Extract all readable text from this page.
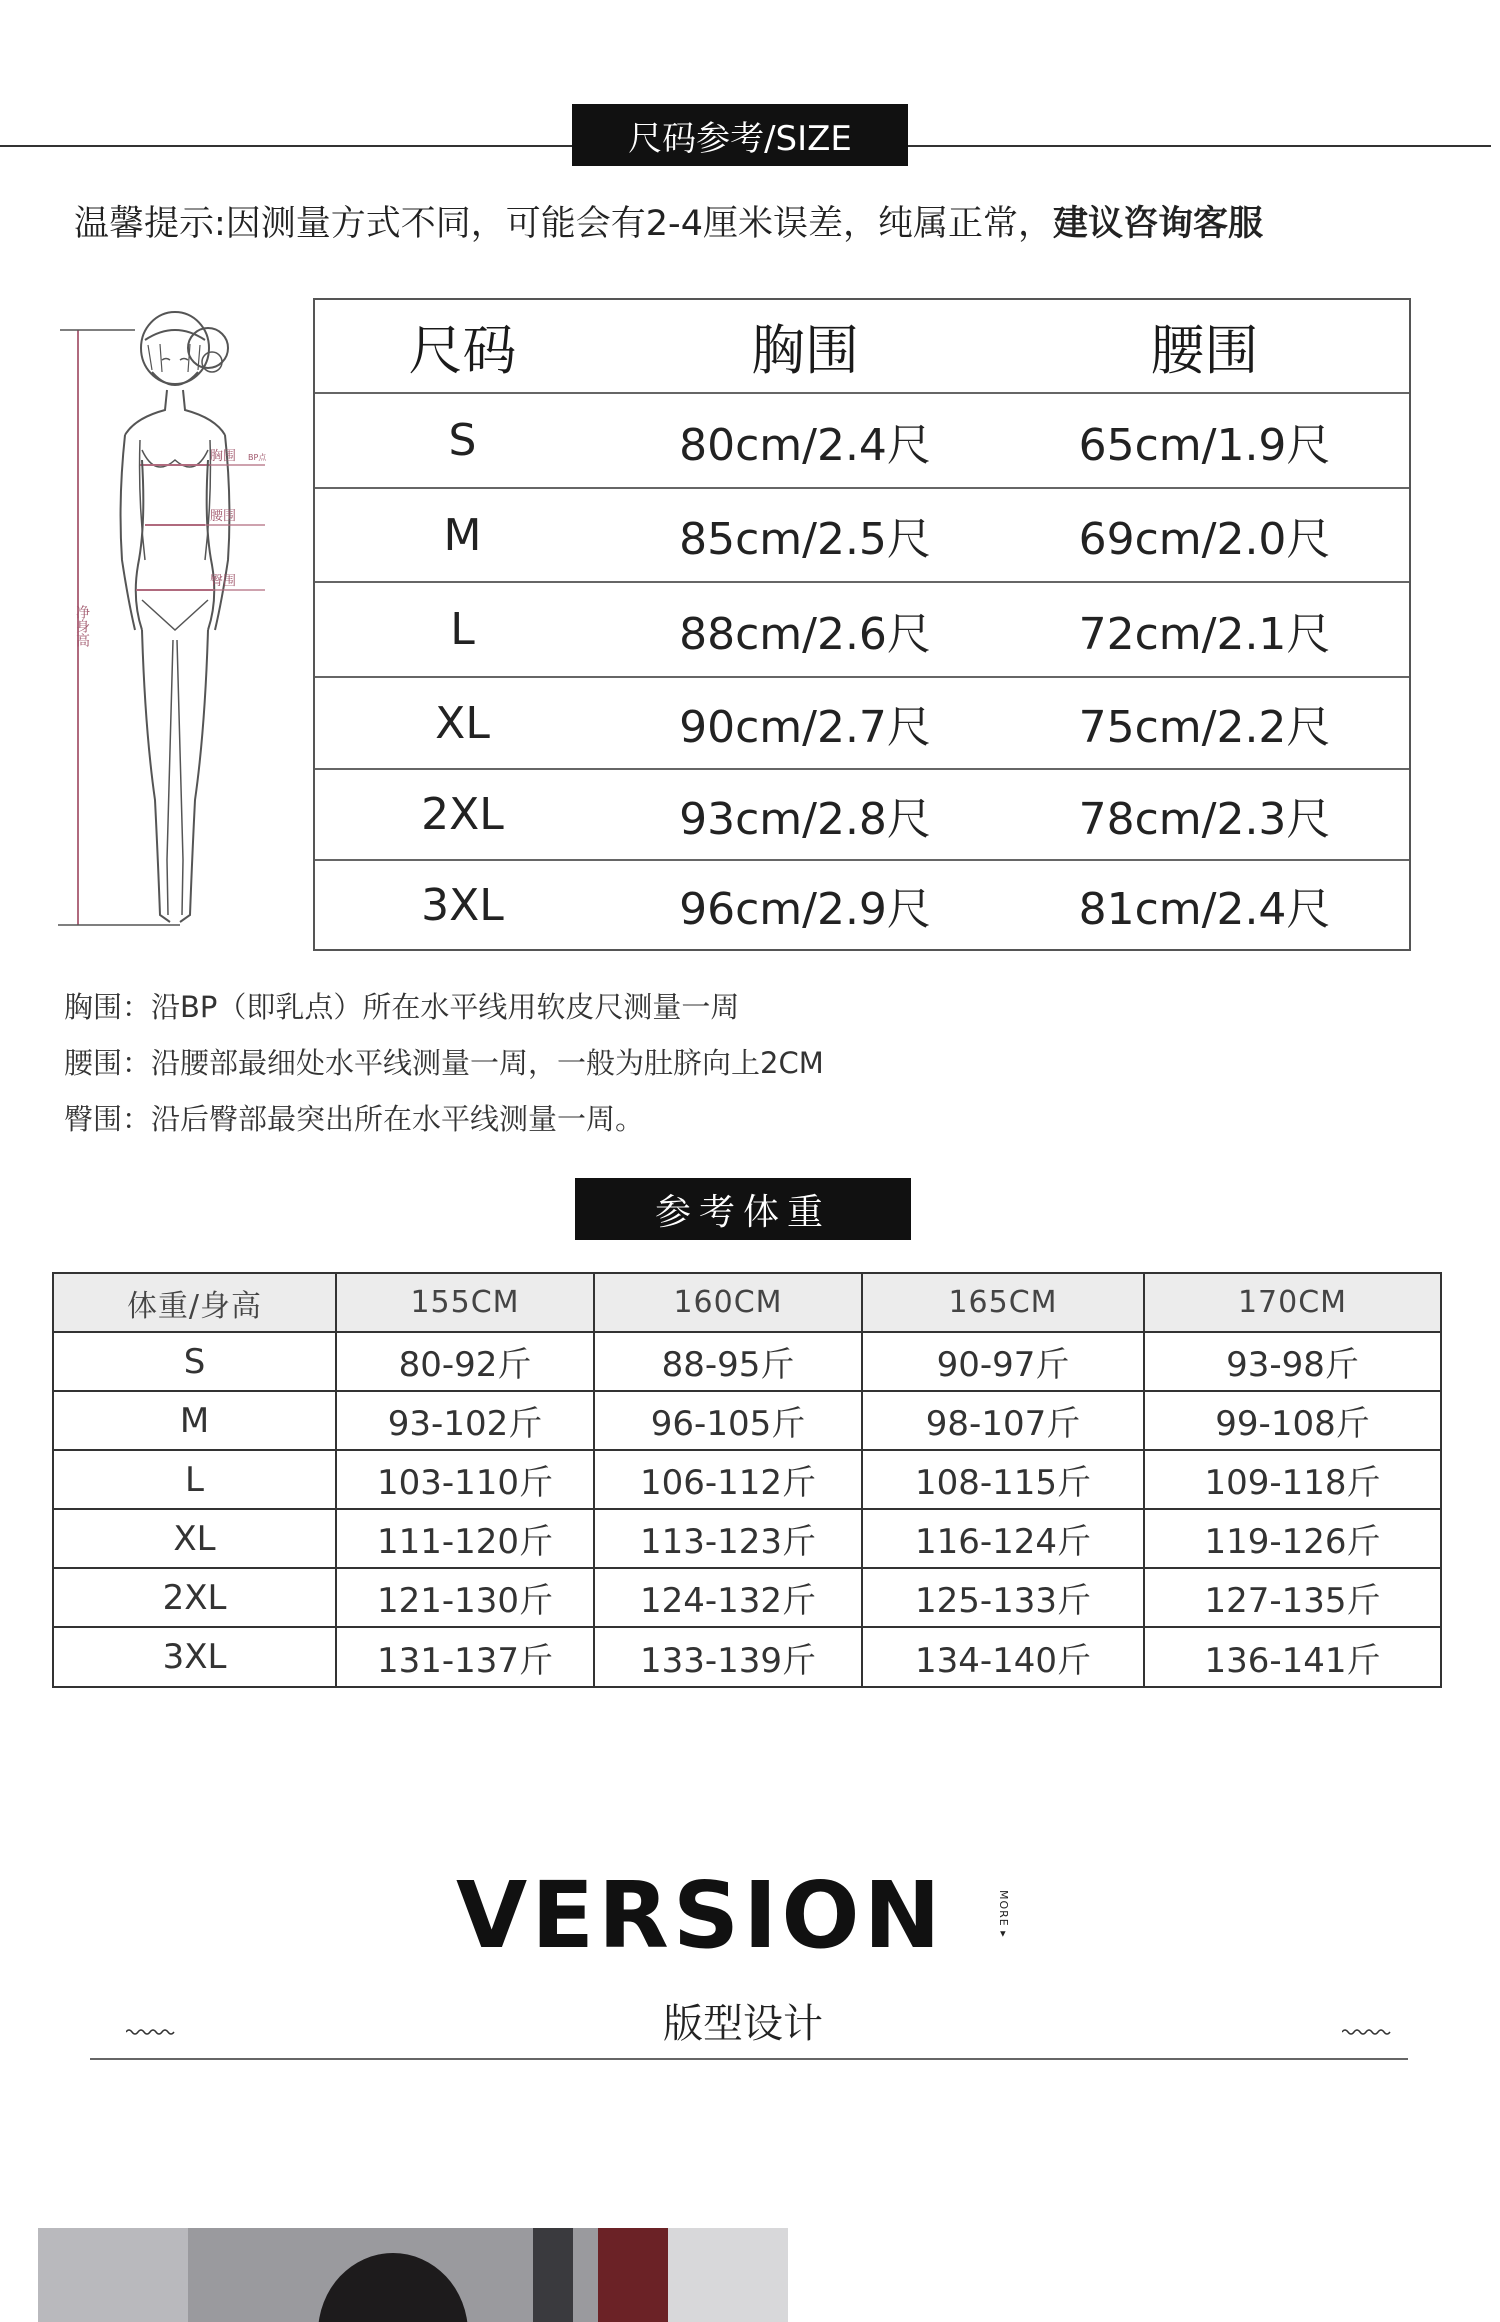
尺码参考/SIZE
温馨提示:因测量方式不同，可能会有2-4厘米误差，纯属正常，建议咨询客服
胸围 BP点
腰围
臀围
净身高
尺码	胸围	腰围
S	80cm/2.4尺	65cm/1.9尺
M	85cm/2.5尺	69cm/2.0尺
L	88cm/2.6尺	72cm/2.1尺
XL	90cm/2.7尺	75cm/2.2尺
2XL	93cm/2.8尺	78cm/2.3尺
3XL	96cm/2.9尺	81cm/2.4尺
胸围：沿BP（即乳点）所在水平线用软皮尺测量一周
腰围：沿腰部最细处水平线测量一周，一般为肚脐向上2CM
臀围：沿后臀部最突出所在水平线测量一周。
参考体重
体重/身高	155CM	160CM	165CM	170CM
S	80-92斤	88-95斤	90-97斤	93-98斤
M	93-102斤	96-105斤	98-107斤	99-108斤
L	103-110斤	106-112斤	108-115斤	109-118斤
XL	111-120斤	113-123斤	116-124斤	119-126斤
2XL	121-130斤	124-132斤	125-133斤	127-135斤
3XL	131-137斤	133-139斤	134-140斤	136-141斤
VERSION	MORE ▸
版型设计
